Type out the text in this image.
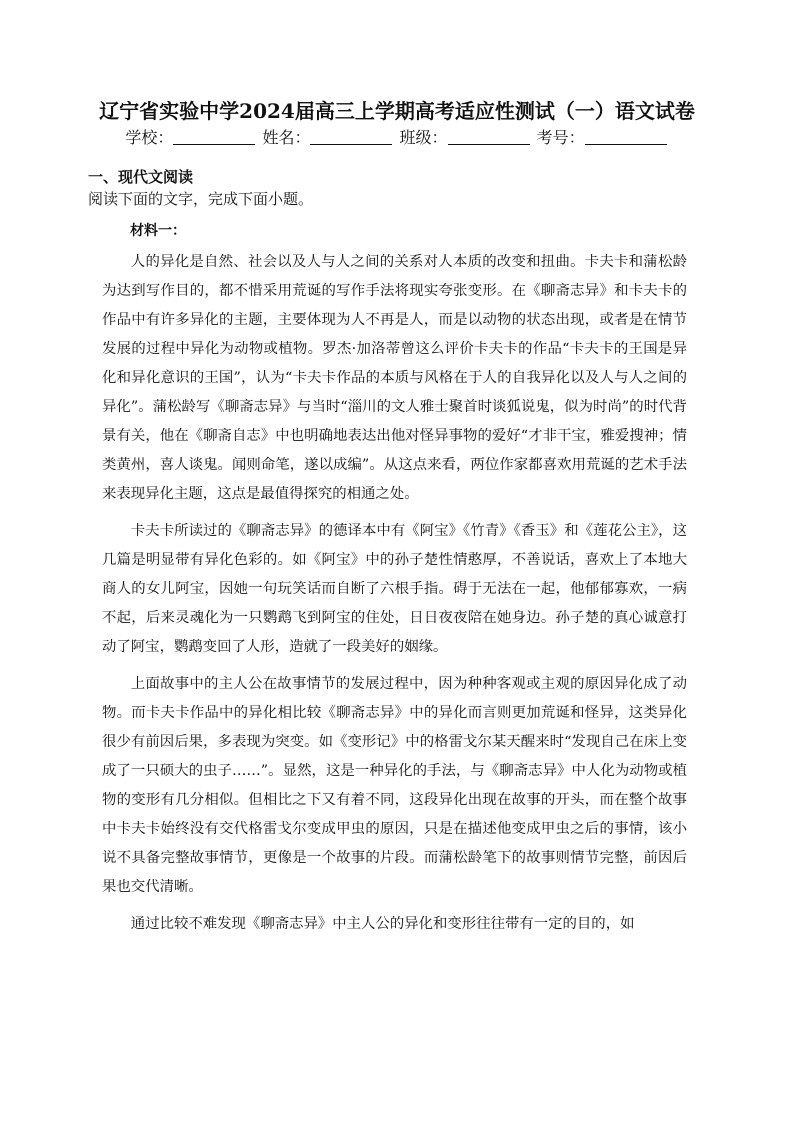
辽宁省实验中学2024届高三上学期高考适应性测试（一）语文试卷
学校：	姓名：	班级：	考号：
一、现代文阅读
阅读下面的文字，完成下面小题。
材料一：

人的异化是自然、社会以及人与人之间的关系对人本质的改变和扭曲。卡夫卡和蒲松龄为达到写作目的，都不惜采用荒诞的写作手法将现实夸张变形。在《聊斋志异》和卡夫卡的作品中有许多异化的主题，主要体现为人不再是人，而是以动物的状态出现，或者是在情节发展的过程中异化为动物或植物。罗杰·加洛蒂曾这么评价卡夫卡的作品“卡夫卡的王国是异化和异化意识的王国”，认为“卡夫卡作品的本质与风格在于人的自我异化以及人与人之间的异化”。蒲松龄写《聊斋志异》与当时“淄川的文人雅士聚首时谈狐说鬼，似为时尚”的时代背景有关，他在《聊斋自志》中也明确地表达出他对怪异事物的爱好“才非干宝，雅爱搜神；情类黄州，喜人谈鬼。闻则命笔，遂以成编”。从这点来看，两位作家都喜欢用荒诞的艺术手法来表现异化主题，这点是最值得探究的相通之处。

卡夫卡所读过的《聊斋志异》的德译本中有《阿宝》《竹青》《香玉》和《莲花公主》，这几篇是明显带有异化色彩的。如《阿宝》中的孙子楚性情憨厚，不善说话，喜欢上了本地大商人的女儿阿宝，因她一句玩笑话而自断了六根手指。碍于无法在一起，他郁郁寡欢，一病不起，后来灵魂化为一只鹦鹉飞到阿宝的住处，日日夜夜陪在她身边。孙子楚的真心诚意打动了阿宝，鹦鹉变回了人形，造就了一段美好的姻缘。

上面故事中的主人公在故事情节的发展过程中，因为种种客观或主观的原因异化成了动物。而卡夫卡作品中的异化相比较《聊斋志异》中的异化而言则更加荒诞和怪异，这类异化很少有前因后果，多表现为突变。如《变形记》中的格雷戈尔某天醒来时“发现自己在床上变成了一只硕大的虫子……”。显然，这是一种异化的手法，与《聊斋志异》中人化为动物或植物的变形有几分相似。但相比之下又有着不同，这段异化出现在故事的开头，而在整个故事中卡夫卡始终没有交代格雷戈尔变成甲虫的原因，只是在描述他变成甲虫之后的事情，该小说不具备完整故事情节，更像是一个故事的片段。而蒲松龄笔下的故事则情节完整，前因后果也交代清晰。

通过比较不难发现《聊斋志异》中主人公的异化和变形往往带有一定的目的，如
